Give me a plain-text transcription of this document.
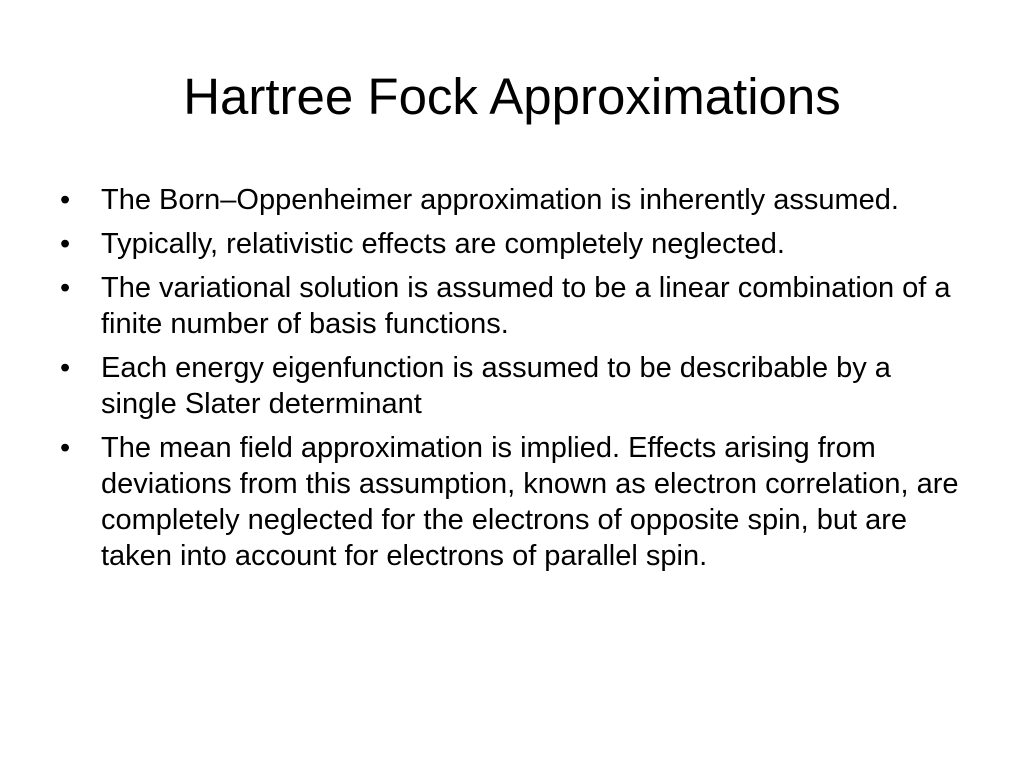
Hartree Fock Approximations
•	The Born–Oppenheimer approximation is inherently assumed.
•	Typically, relativistic effects are completely neglected.
•	The variational solution is assumed to be a linear combination of a finite number of basis functions.
•	Each energy eigenfunction is assumed to be describable by a single Slater determinant
•	The mean field approximation is implied. Effects arising from deviations from this assumption, known as electron correlation, are completely neglected for the electrons of opposite spin, but are taken into account for electrons of parallel spin.
